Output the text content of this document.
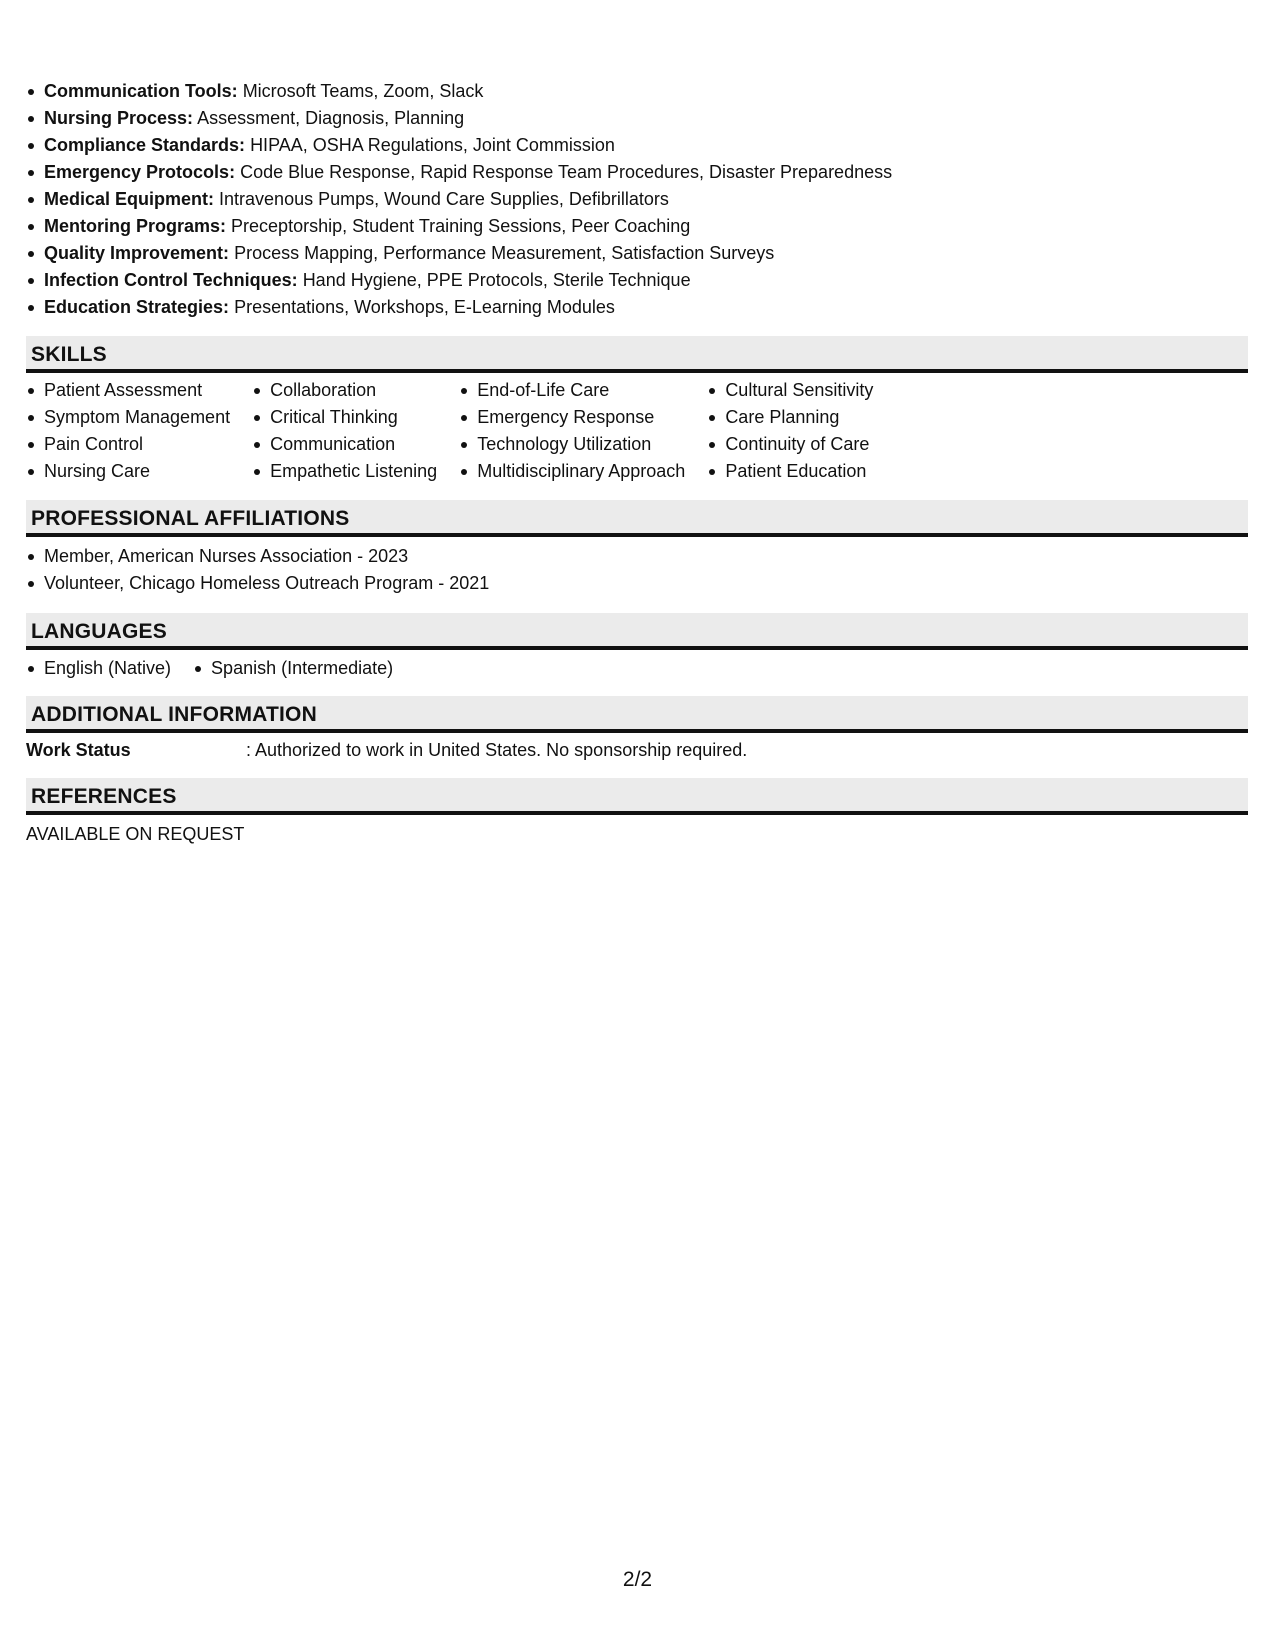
Communication Tools: Microsoft Teams, Zoom, Slack
Nursing Process: Assessment, Diagnosis, Planning
Compliance Standards: HIPAA, OSHA Regulations, Joint Commission
Emergency Protocols: Code Blue Response, Rapid Response Team Procedures, Disaster Preparedness
Medical Equipment: Intravenous Pumps, Wound Care Supplies, Defibrillators
Mentoring Programs: Preceptorship, Student Training Sessions, Peer Coaching
Quality Improvement: Process Mapping, Performance Measurement, Satisfaction Surveys
Infection Control Techniques: Hand Hygiene, PPE Protocols, Sterile Technique
Education Strategies: Presentations, Workshops, E-Learning Modules
SKILLS
Patient Assessment
Symptom Management
Pain Control
Nursing Care
Collaboration
Critical Thinking
Communication
Empathetic Listening
End-of-Life Care
Emergency Response
Technology Utilization
Multidisciplinary Approach
Cultural Sensitivity
Care Planning
Continuity of Care
Patient Education
PROFESSIONAL AFFILIATIONS
Member, American Nurses Association - 2023
Volunteer, Chicago Homeless Outreach Program - 2021
LANGUAGES
English (Native)	Spanish (Intermediate)
ADDITIONAL INFORMATION
Work Status	: Authorized to work in United States. No sponsorship required.
REFERENCES
AVAILABLE ON REQUEST
2/2
